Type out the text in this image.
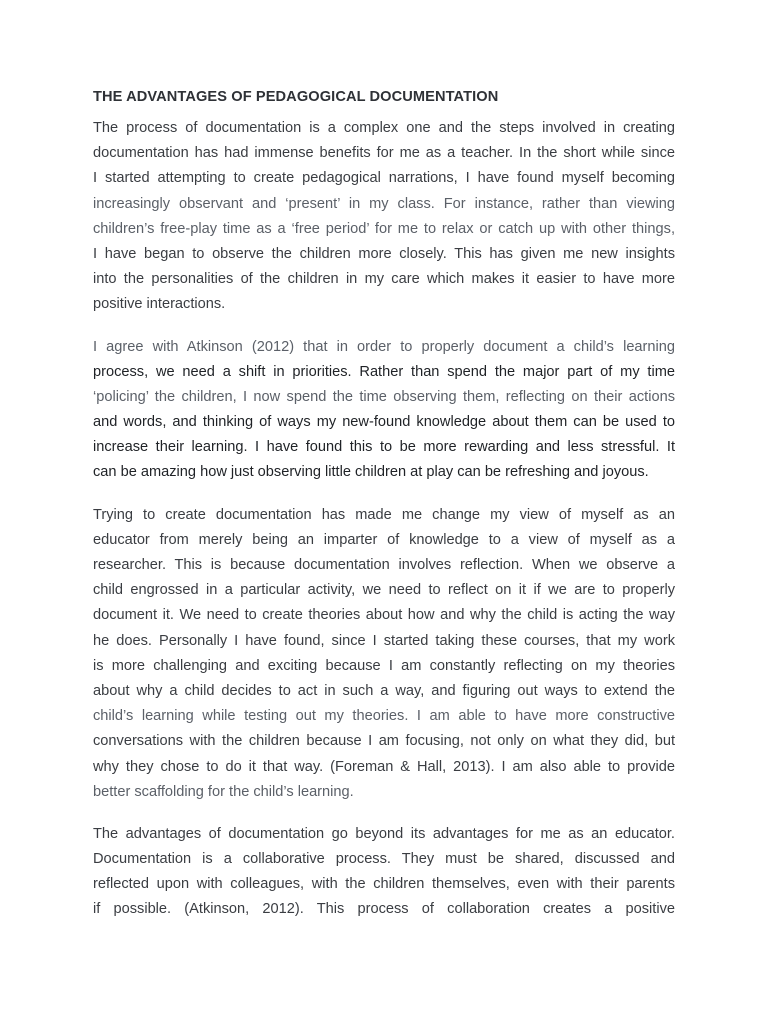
THE ADVANTAGES OF PEDAGOGICAL DOCUMENTATION

The process of documentation is a complex one and the steps involved in creating
documentation has had immense benefits for me as a teacher. In the short while since
I started attempting to create pedagogical narrations, I have found myself becoming
increasingly observant and ‘present’ in my class. For instance, rather than viewing
children’s free-play time as a ‘free period’ for me to relax or catch up with other things,
I have began to observe the children more closely. This has given me new insights
into the personalities of the children in my care which makes it easier to have more
positive interactions.

I agree with Atkinson (2012) that in order to properly document a child’s learning
process, we need a shift in priorities. Rather than spend the major part of my time
‘policing’ the children, I now spend the time observing them, reflecting on their actions
and words, and thinking of ways my new-found knowledge about them can be used to
increase their learning. I have found this to be more rewarding and less stressful. It
can be amazing how just observing little children at play can be refreshing and joyous.

Trying to create documentation has made me change my view of myself as an
educator from merely being an imparter of knowledge to a view of myself as a
researcher. This is because documentation involves reflection. When we observe a
child engrossed in a particular activity, we need to reflect on it if we are to properly
document it. We need to create theories about how and why the child is acting the way
he does. Personally I have found, since I started taking these courses, that my work
is more challenging and exciting because I am constantly reflecting on my theories
about why a child decides to act in such a way, and figuring out ways to extend the
child’s learning while testing out my theories. I am able to have more constructive
conversations with the children because I am focusing, not only on what they did, but
why they chose to do it that way. (Foreman & Hall, 2013). I am also able to provide
better scaffolding for the child’s learning.

The advantages of documentation go beyond its advantages for me as an educator.
Documentation is a collaborative process. They must be shared, discussed and
reflected upon with colleagues, with the children themselves, even with their parents
if possible. (Atkinson, 2012). This process of collaboration creates a positive
